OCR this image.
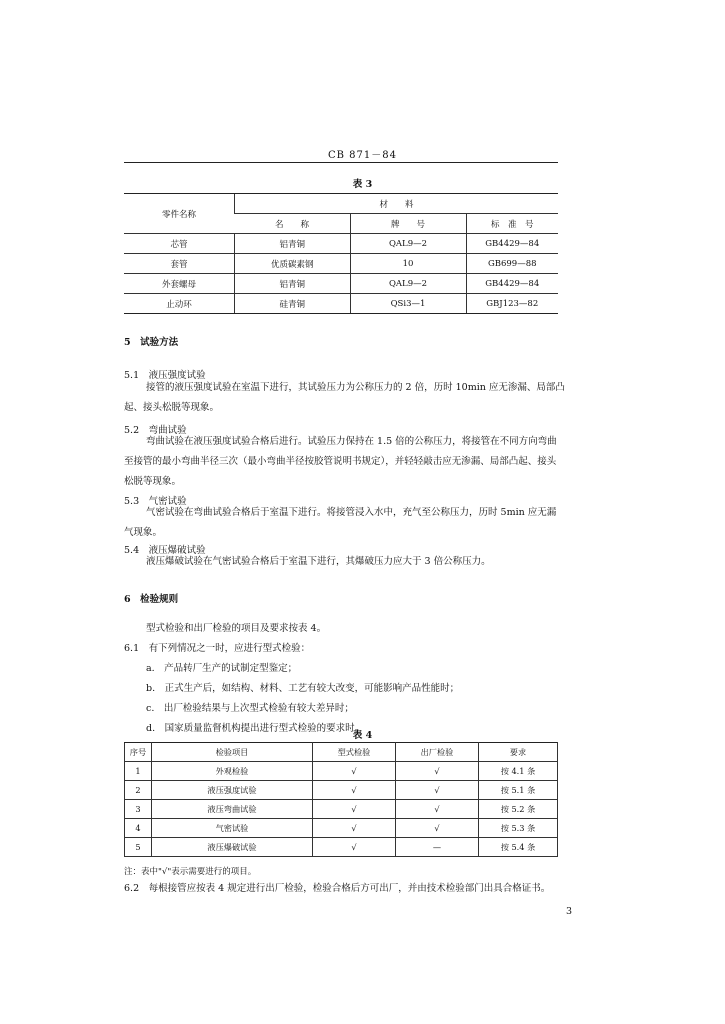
CB 871－84
表 3
零件名称	材　　料		
	名　　称	牌　　号	标　准　号
芯管	铝青铜	QAL9—2	GB4429—84
套管	优质碳素钢	10	GB699—88
外套螺母	铝青铜	QAL9—2	GB4429—84
止动环	硅青铜	QSi3—1	GBJ123—82
5　试验方法
5.1　液压强度试验
接管的液压强度试验在室温下进行，其试验压力为公称压力的 2 倍，历时 10min 应无渗漏、局部凸
起、接头松脱等现象。
5.2　弯曲试验
弯曲试验在液压强度试验合格后进行。试验压力保持在 1.5 倍的公称压力，将接管在不同方向弯曲
至接管的最小弯曲半径三次（最小弯曲半径按胶管说明书规定），并轻轻敲击应无渗漏、局部凸起、接头
松脱等现象。
5.3　气密试验
气密试验在弯曲试验合格后于室温下进行。将接管浸入水中，充气至公称压力，历时 5min 应无漏
气现象。
5.4　液压爆破试验
液压爆破试验在气密试验合格后于室温下进行，其爆破压力应大于 3 倍公称压力。
6　检验规则
型式检验和出厂检验的项目及要求按表 4。
6.1　有下列情况之一时，应进行型式检验：
a.　产品转厂生产的试制定型鉴定；
b.　正式生产后，如结构、材料、工艺有较大改变，可能影响产品性能时；
c.　出厂检验结果与上次型式检验有较大差异时；
d.　国家质量监督机构提出进行型式检验的要求时。
表 4
序号	检验项目	型式检验	出厂检验	要求
1	外观检验	√	√	按 4.1 条
2	液压强度试验	√	√	按 5.1 条
3	液压弯曲试验	√	√	按 5.2 条
4	气密试验	√	√	按 5.3 条
5	液压爆破试验	√	—	按 5.4 条
注：表中"√"表示需要进行的项目。
6.2　每根接管应按表 4 规定进行出厂检验，检验合格后方可出厂，并由技术检验部门出具合格证书。
3
